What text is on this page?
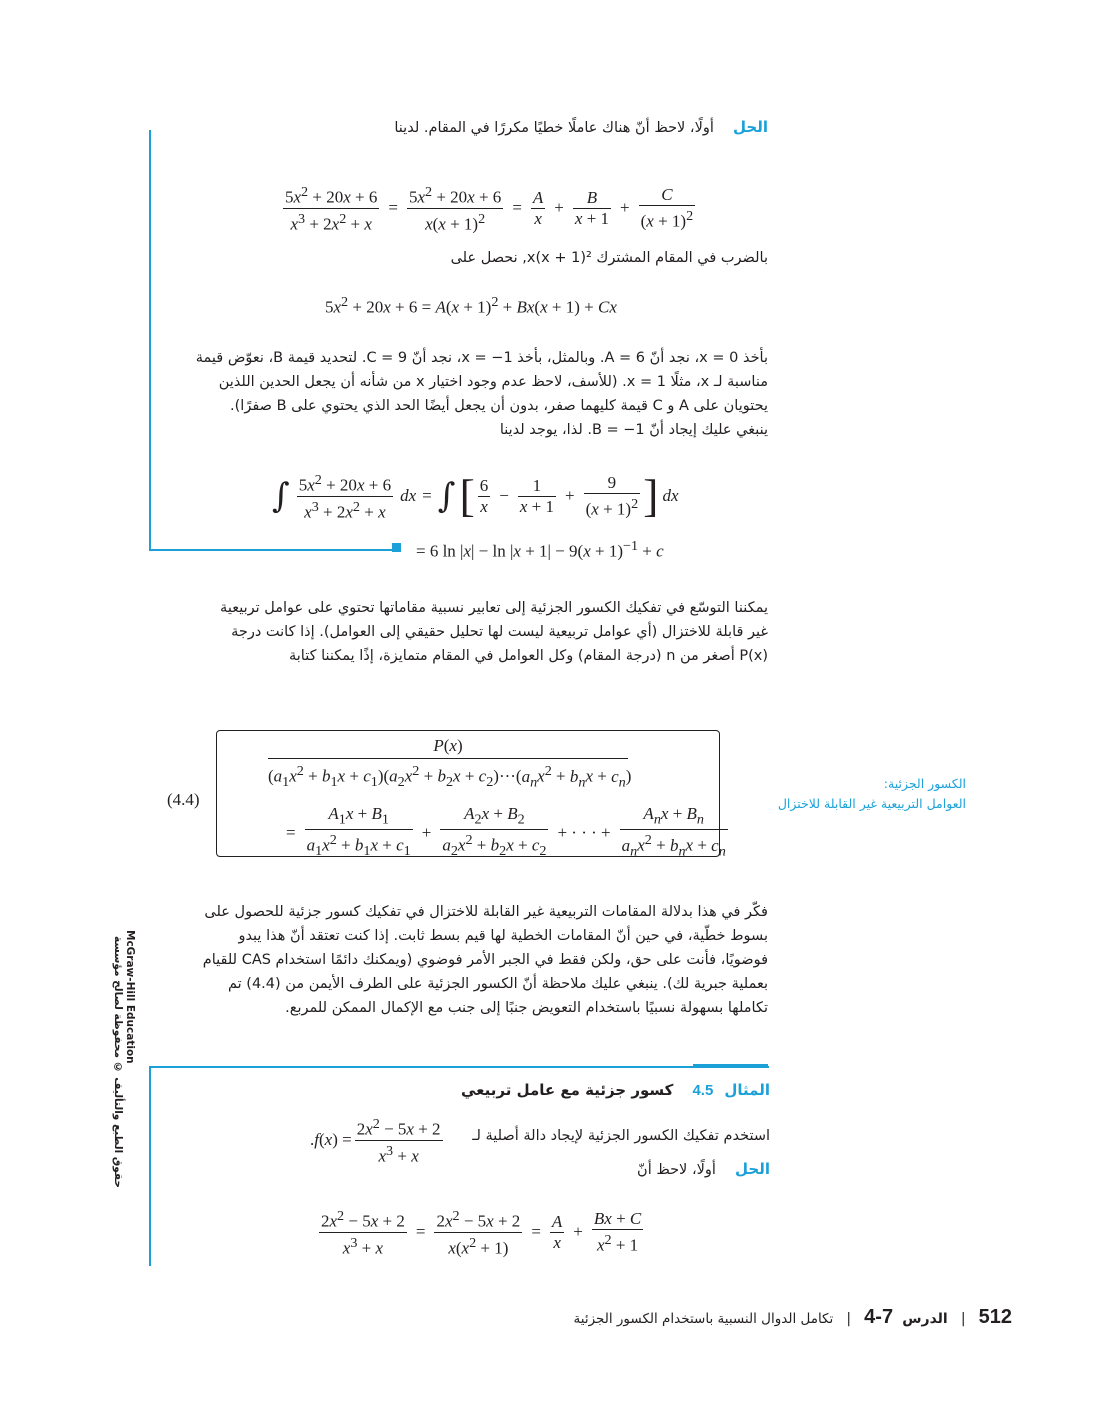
الحل أولًا، لاحظ أنّ هناك عاملًا خطيًا مكررًا في المقام. لدينا
$\frac{5x^2 + 20x + 6}{x^3 + 2x^2 + x} = \frac{5x^2 + 20x + 6}{x(x + 1)^2} = \frac{A}{x} + \frac{B}{x + 1} + \frac{C}{(x + 1)^2}$
بالضرب في المقام المشترك x(x + 1)², نحصل على
$5x^2 + 20x + 6 = A(x + 1)^2 + Bx(x + 1) + Cx$
بأخذ x = 0، نجد أنّ A = 6. وبالمثل، بأخذ x = −1، نجد أنّ C = 9. لتحديد قيمة B، نعوّض قيمة
مناسبة لـ x، مثلًا x = 1. (للأسف، لاحظ عدم وجود اختيار x من شأنه أن يجعل الحدين اللذين
يحتويان على A و C قيمة كليهما صفر، بدون أن يجعل أيضًا الحد الذي يحتوي على B صفرًا).
ينبغي عليك إيجاد أنّ B = −1. لذا، يوجد لدينا
∫ $\frac{5x^2 + 20x + 6}{x^3 + 2x^2 + x}$ dx = ∫ [ $\frac{6}{x} - \frac{1}{x + 1} + \frac{9}{(x + 1)^2}$ ] dx
= 6 $\ln |x| - \ln |x + 1| - 9(x + 1)^{-1} + c$
يمكننا التوسّع في تفكيك الكسور الجزئية إلى تعابير نسبية مقاماتها تحتوي على عوامل تربيعية
غير قابلة للاختزال (أي عوامل تربيعية ليست لها تحليل حقيقي إلى العوامل). إذا كانت درجة
P(x) أصغر من n (درجة المقام) وكل العوامل في المقام متمايزة، إذًا يمكننا كتابة
(4.4)
P(x)
$(a_1x^2 + b_1x + c_1)(a_2x^2 + b_2x + c_2)\cdot\cdot\cdot(a_nx^2 + b_nx + c_n)$
= $\frac{A_1x + B_1}{a_1x^2 + b_1x + c_1} + \frac{A_2x + B_2}{a_2x^2 + b_2x + c_2}$ + · · · + $\frac{A_nx + B_n}{a_nx^2 + b_nx + c_n}$
الكسور الجزئية:
العوامل التربيعية غير القابلة للاختزال
فكّر في هذا بدلالة المقامات التربيعية غير القابلة للاختزال في تفكيك كسور جزئية للحصول على
بسوط خطّية، في حين أنّ المقامات الخطية لها قيم بسط ثابت. إذا كنت تعتقد أنّ هذا يبدو
فوضويًا، فأنت على حق، ولكن فقط في الجبر الأمر فوضوي (ويمكنك دائمًا استخدام CAS للقيام
بعملية جبرية لك). ينبغي عليك ملاحظة أنّ الكسور الجزئية على الطرف الأيمن من (4.4) تم
تكاملها بسهولة نسبيًا باستخدام التعويض جنبًا إلى جنب مع الإكمال الممكن للمربع.
McGraw-Hill Education
حقوق الطبع والتأليف © محفوظة لصالح مؤسسة	المثال 4.5 كسور جزئية مع عامل تربيعي
استخدم تفكيك الكسور الجزئية لإيجاد دالة أصلية لـ
$.f(x) = \frac{2x^2 - 5x + 2}{x^3 + x}$
الحل أولًا، لاحظ أنّ
$\frac{2x^2 - 5x + 2}{x^3 + x} = \frac{2x^2 - 5x + 2}{x(x^2 + 1)} = \frac{A}{x} + \frac{Bx + C}{x^2 + 1}$
512 | الدرس 7-4 | تكامل الدوال النسبية باستخدام الكسور الجزئية
